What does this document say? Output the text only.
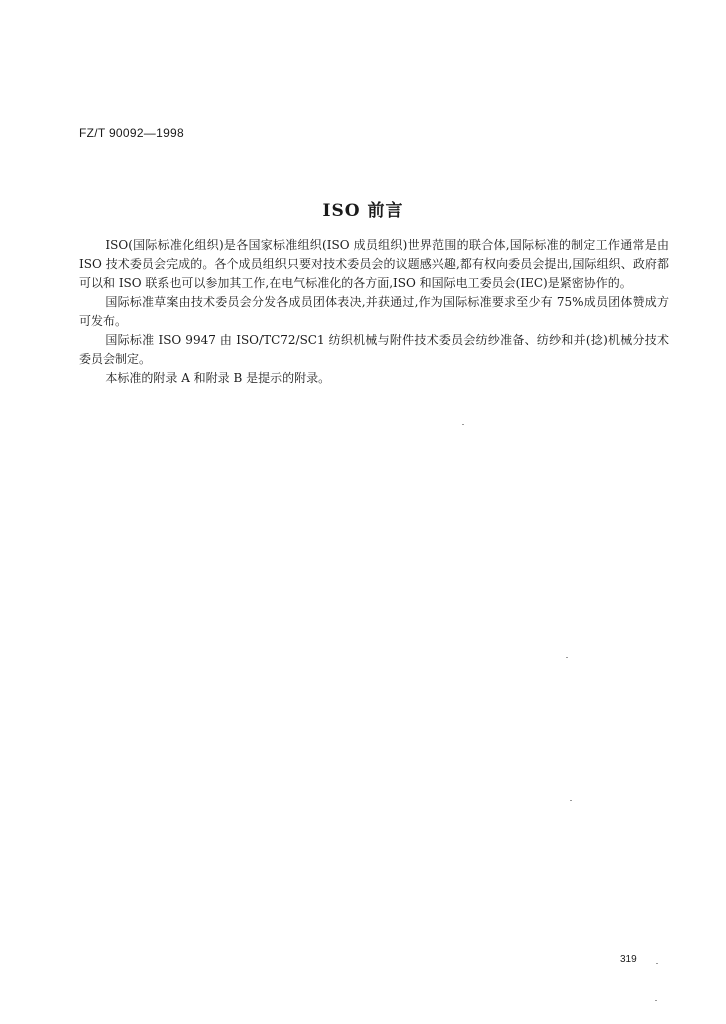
FZ/T 90092—1998
ISO 前言

ISO(国际标准化组织)是各国家标准组织(ISO 成员组织)世界范围的联合体,国际标准的制定工作通常是由 ISO 技术委员会完成的。各个成员组织只要对技术委员会的议题感兴趣,都有权向委员会提出,国际组织、政府都可以和 ISO 联系也可以参加其工作,在电气标准化的各方面,ISO 和国际电工委员会(IEC)是紧密协作的。

国际标准草案由技术委员会分发各成员团体表决,并获通过,作为国际标准要求至少有 75%成员团体赞成方可发布。

国际标准 ISO 9947 由 ISO/TC72/SC1 纺织机械与附件技术委员会纺纱准备、纺纱和并(捻)机械分技术委员会制定。

本标准的附录 A 和附录 B 是提示的附录。

319
